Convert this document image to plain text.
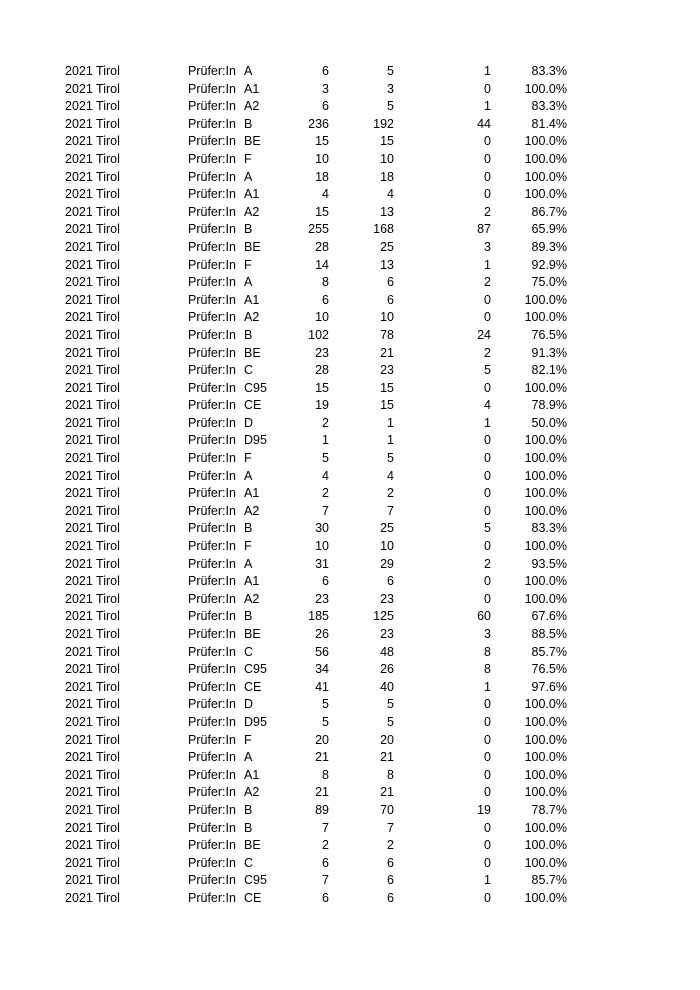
2021 Tirol	Prüfer:In A	6	5	1	83.3%
2021 Tirol	Prüfer:In A1	3	3	0	100.0%
2021 Tirol	Prüfer:In A2	6	5	1	83.3%
2021 Tirol	Prüfer:In B	236	192	44	81.4%
2021 Tirol	Prüfer:In BE	15	15	0	100.0%
2021 Tirol	Prüfer:In F	10	10	0	100.0%
2021 Tirol	Prüfer:In A	18	18	0	100.0%
2021 Tirol	Prüfer:In A1	4	4	0	100.0%
2021 Tirol	Prüfer:In A2	15	13	2	86.7%
2021 Tirol	Prüfer:In B	255	168	87	65.9%
2021 Tirol	Prüfer:In BE	28	25	3	89.3%
2021 Tirol	Prüfer:In F	14	13	1	92.9%
2021 Tirol	Prüfer:In A	8	6	2	75.0%
2021 Tirol	Prüfer:In A1	6	6	0	100.0%
2021 Tirol	Prüfer:In A2	10	10	0	100.0%
2021 Tirol	Prüfer:In B	102	78	24	76.5%
2021 Tirol	Prüfer:In BE	23	21	2	91.3%
2021 Tirol	Prüfer:In C	28	23	5	82.1%
2021 Tirol	Prüfer:In C95	15	15	0	100.0%
2021 Tirol	Prüfer:In CE	19	15	4	78.9%
2021 Tirol	Prüfer:In D	2	1	1	50.0%
2021 Tirol	Prüfer:In D95	1	1	0	100.0%
2021 Tirol	Prüfer:In F	5	5	0	100.0%
2021 Tirol	Prüfer:In A	4	4	0	100.0%
2021 Tirol	Prüfer:In A1	2	2	0	100.0%
2021 Tirol	Prüfer:In A2	7	7	0	100.0%
2021 Tirol	Prüfer:In B	30	25	5	83.3%
2021 Tirol	Prüfer:In F	10	10	0	100.0%
2021 Tirol	Prüfer:In A	31	29	2	93.5%
2021 Tirol	Prüfer:In A1	6	6	0	100.0%
2021 Tirol	Prüfer:In A2	23	23	0	100.0%
2021 Tirol	Prüfer:In B	185	125	60	67.6%
2021 Tirol	Prüfer:In BE	26	23	3	88.5%
2021 Tirol	Prüfer:In C	56	48	8	85.7%
2021 Tirol	Prüfer:In C95	34	26	8	76.5%
2021 Tirol	Prüfer:In CE	41	40	1	97.6%
2021 Tirol	Prüfer:In D	5	5	0	100.0%
2021 Tirol	Prüfer:In D95	5	5	0	100.0%
2021 Tirol	Prüfer:In F	20	20	0	100.0%
2021 Tirol	Prüfer:In A	21	21	0	100.0%
2021 Tirol	Prüfer:In A1	8	8	0	100.0%
2021 Tirol	Prüfer:In A2	21	21	0	100.0%
2021 Tirol	Prüfer:In B	89	70	19	78.7%
2021 Tirol	Prüfer:In B	7	7	0	100.0%
2021 Tirol	Prüfer:In BE	2	2	0	100.0%
2021 Tirol	Prüfer:In C	6	6	0	100.0%
2021 Tirol	Prüfer:In C95	7	6	1	85.7%
2021 Tirol	Prüfer:In CE	6	6	0	100.0%
